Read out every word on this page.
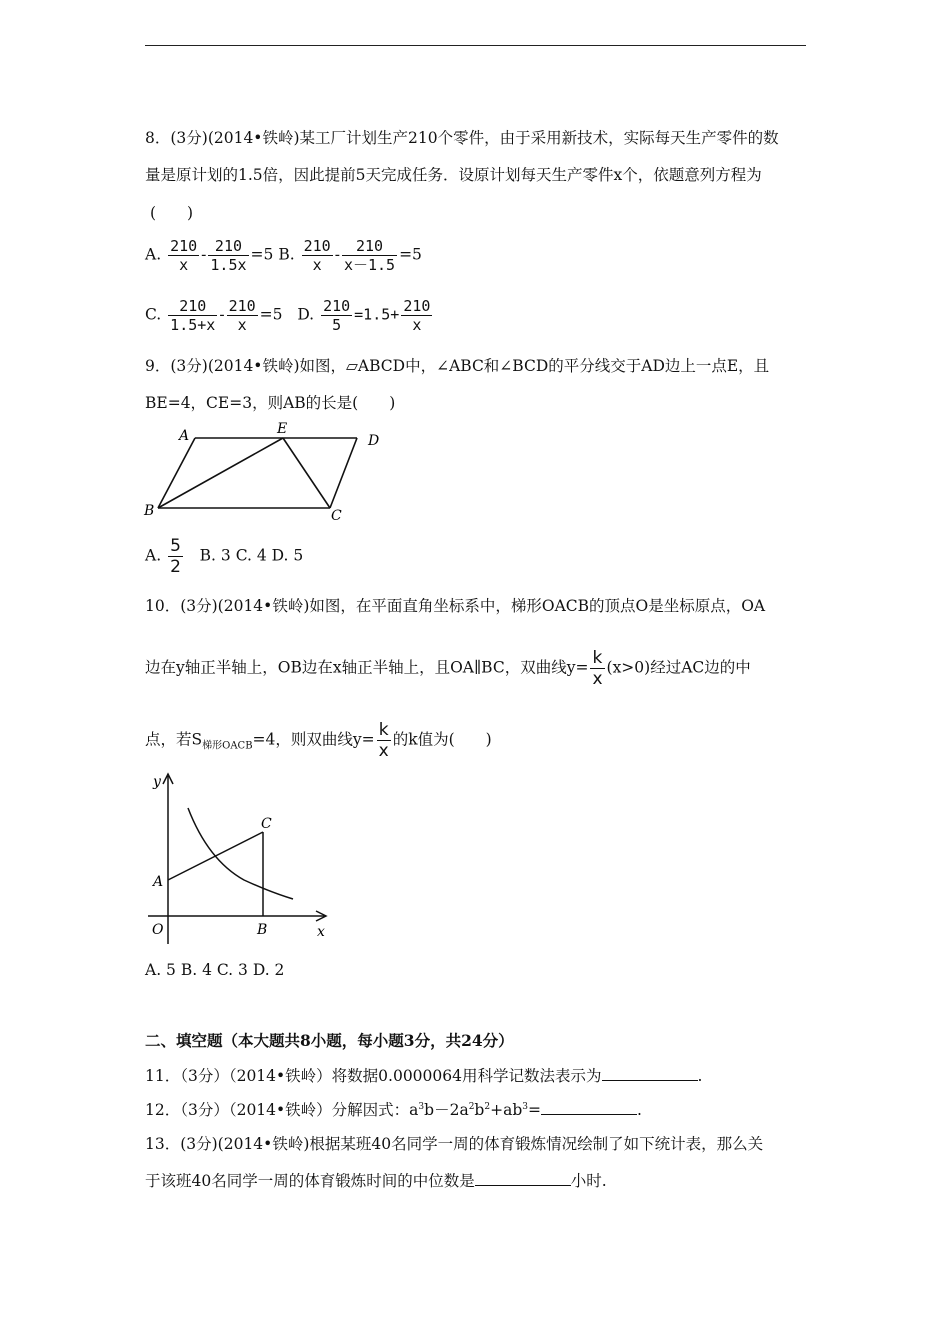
8．(3分)(2014•铁岭)某工厂计划生产210个零件，由于采用新技术，实际每天生产零件的数
量是原计划的1.5倍，因此提前5天完成任务．设原计划每天生产零件x个，依题意列方程为
(　　)
A. $\frac{210}{x} - \frac{210}{1.5x} =5$ B. $\frac{210}{x} - \frac{210}{x-1.5} =5$
C. $\frac{210}{1.5+x} - \frac{210}{x} =5$ D. $\frac{210}{5} =1.5+ \frac{210}{x}$
9．(3分)(2014•铁岭)如图，▱ABCD中，∠ABC和∠BCD的平分线交于AD边上一点E，且
BE=4，CE=3，则AB的长是(　　)
A	E
D
B	C
A. $\frac{5}{2} B$. 3 C. 4 D. 5
10．(3分)(2014•铁岭)如图，在平面直角坐标系中，梯形OACB的顶点O是坐标原点，OA
边在y轴正半轴上，OB边在x轴正半轴上，且OA∥BC，双曲线$y= \frac{k}{x} (x>0)$经过AC边的中
点，若$S_{梯形OACB}=4$，则双曲线$y= \frac{k}{x}$ 的k值为(　　)
y
x
O
A
B
C
A. 5 B. 4 C. 3 D. 2
二、填空题（本大题共8小题，每小题3分，共24分）
11．（3分）（2014•铁岭）将数据0.0000064用科学记数法表示为	.
12．（3分）（2014•铁岭）分解因式：$a^3b-2a^2b^2+ab^3=$	.
13．(3分)(2014•铁岭)根据某班40名同学一周的体育锻炼情况绘制了如下统计表，那么关
于该班40名同学一周的体育锻炼时间的中位数是	小时.
